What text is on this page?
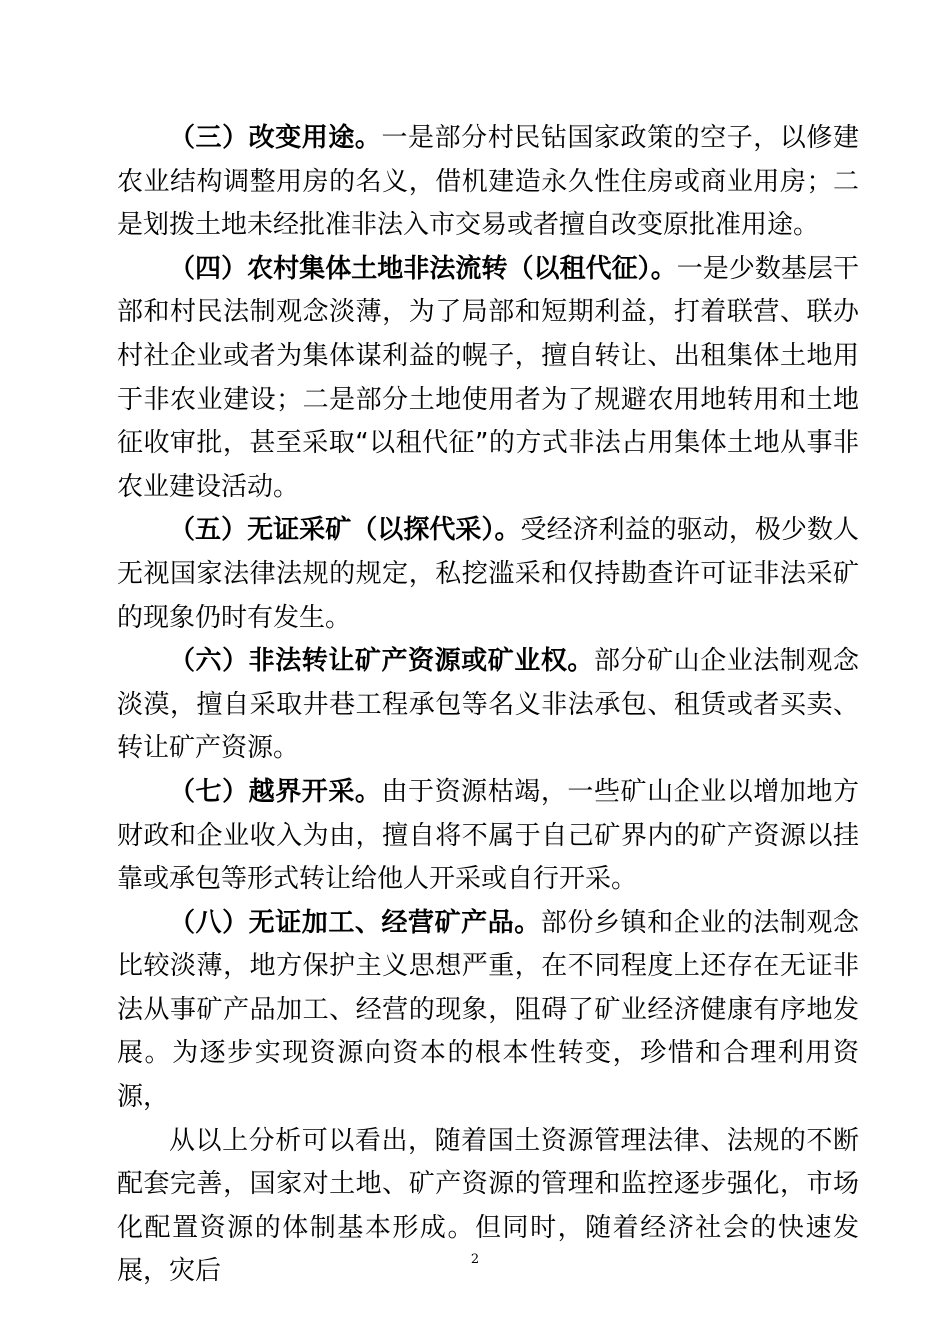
（三）改变用途。一是部分村民钻国家政策的空子，以修建农业结构调整用房的名义，借机建造永久性住房或商业用房；二是划拨土地未经批准非法入市交易或者擅自改变原批准用途。

（四）农村集体土地非法流转（以租代征）。一是少数基层干部和村民法制观念淡薄，为了局部和短期利益，打着联营、联办村社企业或者为集体谋利益的幌子，擅自转让、出租集体土地用于非农业建设；二是部分土地使用者为了规避农用地转用和土地征收审批，甚至采取“以租代征”的方式非法占用集体土地从事非农业建设活动。

（五）无证采矿（以探代采）。受经济利益的驱动，极少数人无视国家法律法规的规定，私挖滥采和仅持勘查许可证非法采矿的现象仍时有发生。

（六）非法转让矿产资源或矿业权。部分矿山企业法制观念淡漠，擅自采取井巷工程承包等名义非法承包、租赁或者买卖、转让矿产资源。

（七）越界开采。由于资源枯竭，一些矿山企业以增加地方财政和企业收入为由，擅自将不属于自己矿界内的矿产资源以挂靠或承包等形式转让给他人开采或自行开采。

（八）无证加工、经营矿产品。部份乡镇和企业的法制观念比较淡薄，地方保护主义思想严重，在不同程度上还存在无证非法从事矿产品加工、经营的现象，阻碍了矿业经济健康有序地发展。为逐步实现资源向资本的根本性转变，珍惜和合理利用资源，

从以上分析可以看出，随着国土资源管理法律、法规的不断配套完善，国家对土地、矿产资源的管理和监控逐步强化，市场化配置资源的体制基本形成。但同时，随着经济社会的快速发展，灾后	2
